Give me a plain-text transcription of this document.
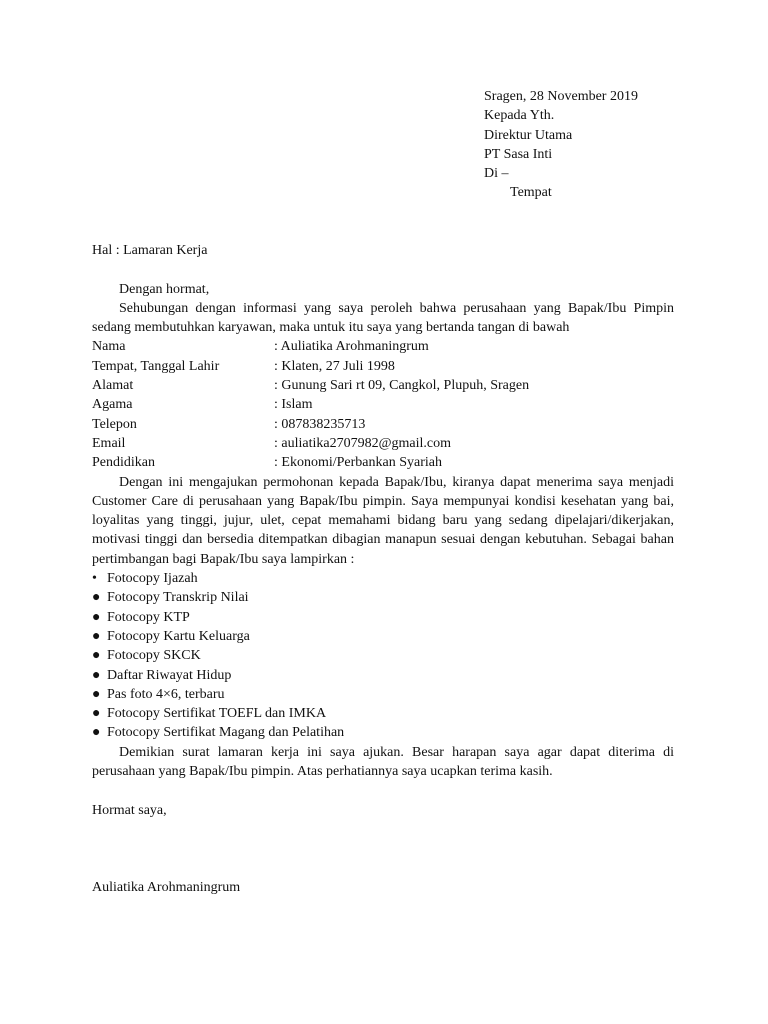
Sragen, 28 November 2019
Kepada Yth.
Direktur Utama
PT Sasa Inti
Di –
Tempat
Hal : Lamaran Kerja
Dengan hormat,
Sehubungan dengan informasi yang saya peroleh bahwa perusahaan yang Bapak/Ibu Pimpin sedang membutuhkan karyawan, maka untuk itu saya yang bertanda tangan di bawah
Nama	: Auliatika Arohmaningrum
Tempat, Tanggal Lahir	: Klaten, 27 Juli 1998
Alamat	: Gunung Sari rt 09, Cangkol, Plupuh, Sragen
Agama	: Islam
Telepon	: 087838235713
Email	: auliatika2707982@gmail.com
Pendidikan	: Ekonomi/Perbankan Syariah
Dengan ini mengajukan permohonan kepada Bapak/Ibu, kiranya dapat menerima saya menjadi Customer Care di perusahaan yang Bapak/Ibu pimpin. Saya mempunyai kondisi kesehatan yang bai, loyalitas yang tinggi, jujur, ulet, cepat memahami bidang baru yang sedang dipelajari/dikerjakan, motivasi tinggi dan bersedia ditempatkan dibagian manapun sesuai dengan kebutuhan. Sebagai bahan pertimbangan bagi Bapak/Ibu saya lampirkan :
• Fotocopy Ijazah
● Fotocopy Transkrip Nilai
● Fotocopy KTP
● Fotocopy Kartu Keluarga
● Fotocopy SKCK
● Daftar Riwayat Hidup
● Pas foto 4×6, terbaru
● Fotocopy Sertifikat TOEFL dan IMKA
● Fotocopy Sertifikat Magang dan Pelatihan
Demikian surat lamaran kerja ini saya ajukan. Besar harapan saya agar dapat diterima di perusahaan yang Bapak/Ibu pimpin. Atas perhatiannya saya ucapkan terima kasih.
Hormat saya,
Auliatika Arohmaningrum
